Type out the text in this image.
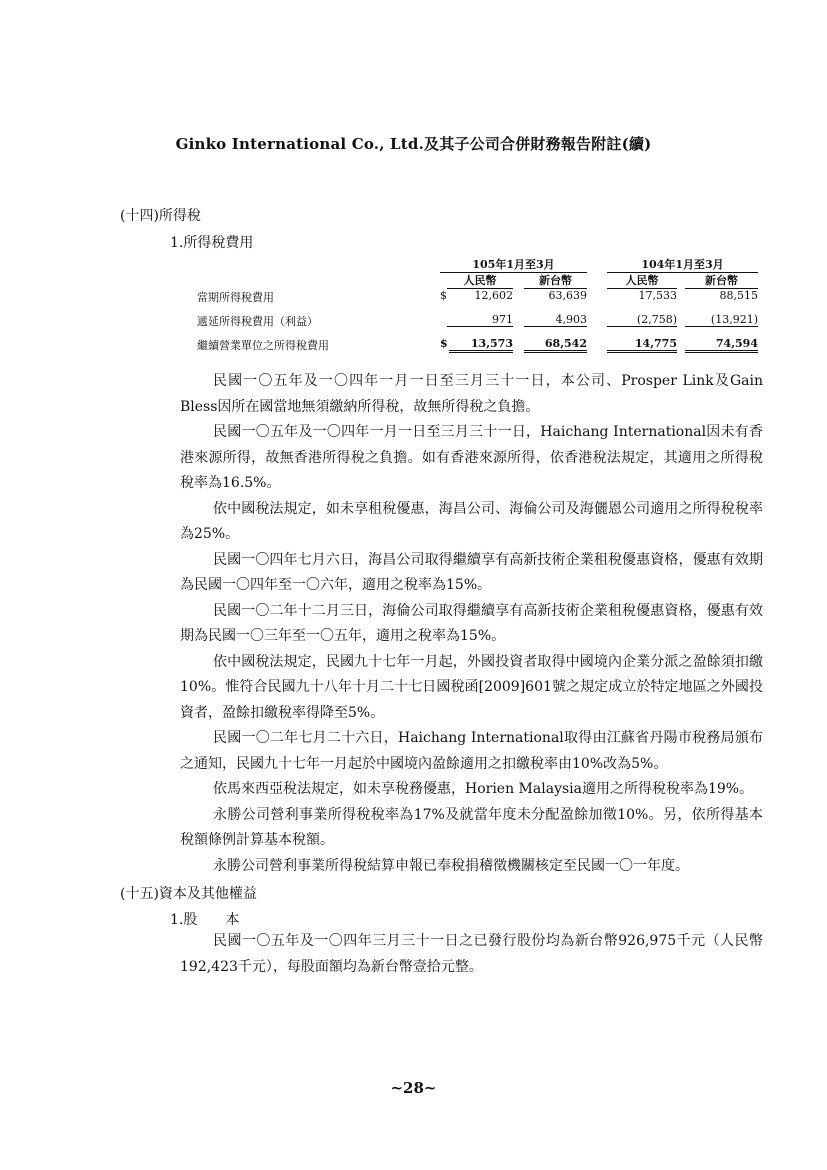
Ginko International Co., Ltd.及其子公司合併財務報告附註(續)
(十四)所得稅
1.所得稅費用
105年1月至3月	104年1月至3月
人民幣	新台幣	人民幣	新台幣
當期所得稅費用	$	12,602	63,639	17,533	88,515
遞延所得稅費用（利益）	971	4,903	(2,758)	(13,921)
繼續營業單位之所得稅費用	$	13,573	68,542	14,775	74,594

民國一〇五年及一〇四年一月一日至三月三十一日，本公司、Prosper Link及Gain Bless因所在國當地無須繳納所得稅，故無所得稅之負擔。

民國一〇五年及一〇四年一月一日至三月三十一日，Haichang International因未有香港來源所得，故無香港所得稅之負擔。如有香港來源所得，依香港稅法規定，其適用之所得稅稅率為16.5%。

依中國稅法規定，如未享租稅優惠，海昌公司、海倫公司及海儷恩公司適用之所得稅稅率為25%。

民國一〇四年七月六日，海昌公司取得繼續享有高新技術企業租稅優惠資格，優惠有效期為民國一〇四年至一〇六年，適用之稅率為15%。

民國一〇二年十二月三日，海倫公司取得繼續享有高新技術企業租稅優惠資格，優惠有效期為民國一〇三年至一〇五年，適用之稅率為15%。

依中國稅法規定，民國九十七年一月起，外國投資者取得中國境內企業分派之盈餘須扣繳10%。惟符合民國九十八年十月二十七日國稅函[2009]601號之規定成立於特定地區之外國投資者，盈餘扣繳稅率得降至5%。

民國一〇二年七月二十六日，Haichang International取得由江蘇省丹陽市稅務局頒布之通知，民國九十七年一月起於中國境內盈餘適用之扣繳稅率由10%改為5%。

依馬來西亞稅法規定，如未享稅務優惠，Horien Malaysia適用之所得稅稅率為19%。

永勝公司營利事業所得稅稅率為17%及就當年度未分配盈餘加徵10%。另，依所得基本稅額條例計算基本稅額。

永勝公司營利事業所得稅結算申報已奉稅捐稽徵機關核定至民國一〇一年度。

(十五)資本及其他權益
1.股　　本

民國一〇五年及一〇四年三月三十一日之已發行股份均為新台幣926,975千元（人民幣192,423千元），每股面額均為新台幣壹拾元整。

~28~
